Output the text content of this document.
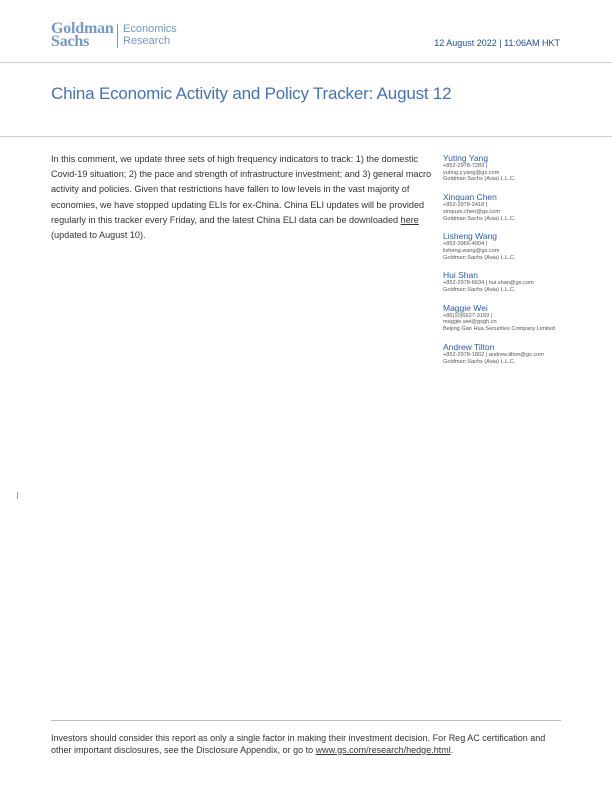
Goldman
Sachs
Economics
Research	12 August 2022 | 11:06AM HKT
China Economic Activity and Policy Tracker: August 12
In this comment, we update three sets of high frequency indicators to track: 1) the domestic Covid-19 situation; 2) the pace and strength of infrastructure investment; and 3) general macro activity and policies. Given that restrictions have fallen to low levels in the vast majority of economies, we have stopped updating ELIs for ex-China. China ELI updates will be provided regularly in this tracker every Friday, and the latest China ELI data can be downloaded here (updated to August 10).
Yuting Yang
+852-2978-7283 |
yuting.y.yang@gs.com
Goldman Sachs (Asia) L.L.C.
Xinquan Chen
+852-2978-2418 |
xinquan.chen@gs.com
Goldman Sachs (Asia) L.L.C.
Lisheng Wang
+852-3966-4004 |
lisheng.wang@gs.com
Goldman Sachs (Asia) L.L.C.
Hui Shan
+852-2978-6634 | hui.shan@gs.com
Goldman Sachs (Asia) L.L.C.
Maggie Wei
+86(10)6627-3169 |
maggie.wei@gsgh.cn
Beijing Gao Hua Securities Company Limited
Andrew Tilton
+852-2978-1802 | andrew.tilton@gs.com
Goldman Sachs (Asia) L.L.C.
Investors should consider this report as only a single factor in making their investment decision. For Reg AC certification and other important disclosures, see the Disclosure Appendix, or go to www.gs.com/research/hedge.html.
